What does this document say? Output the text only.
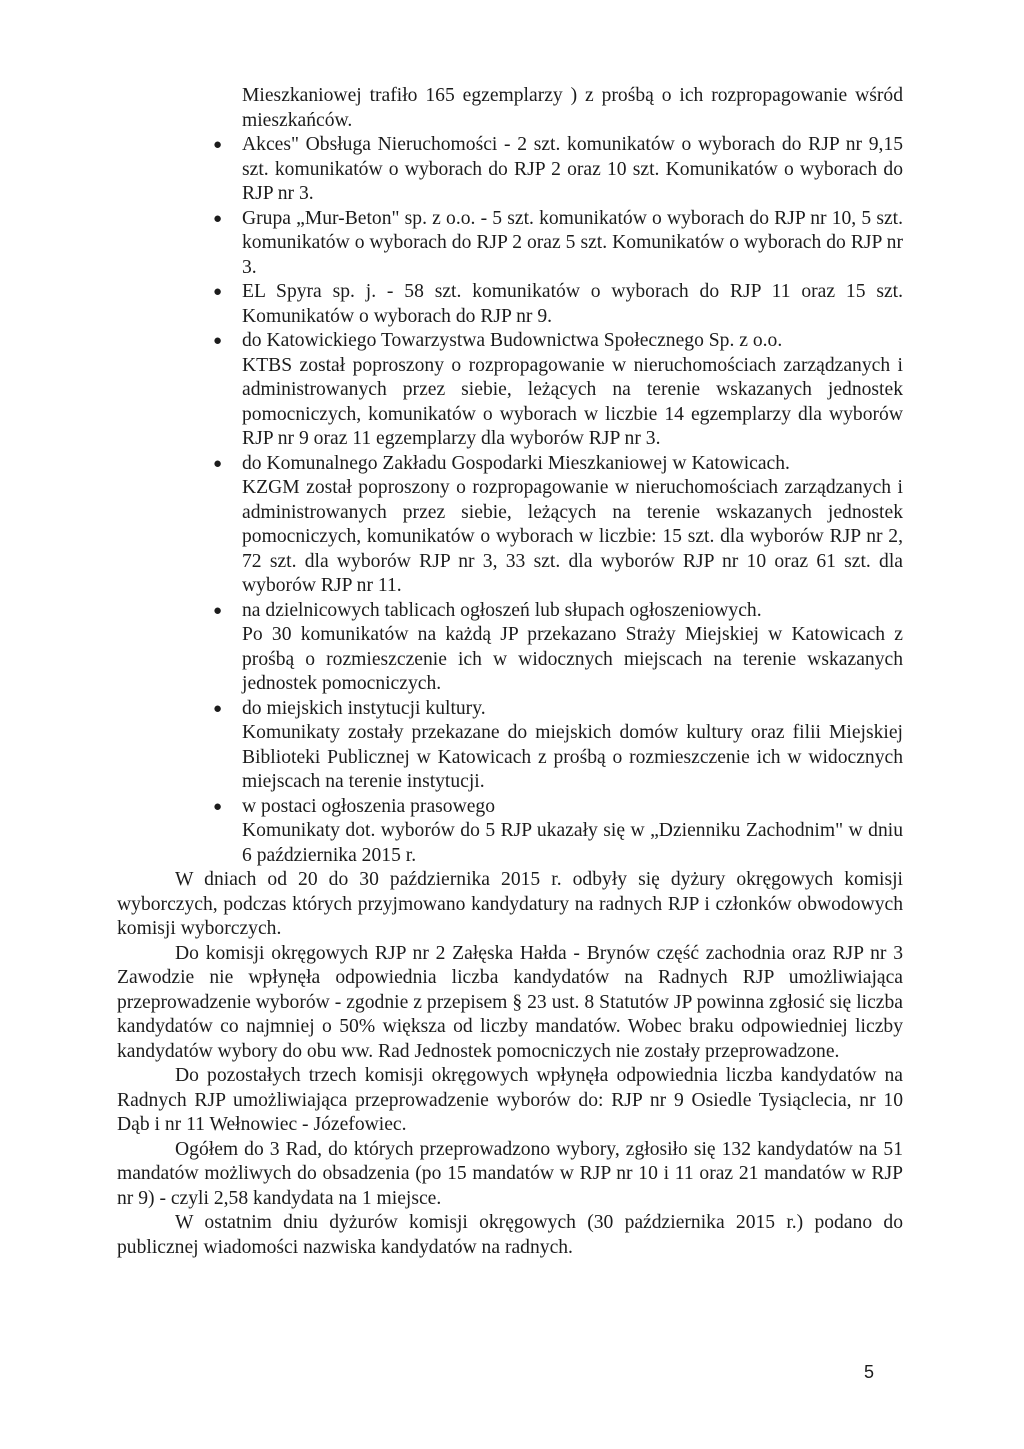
Mieszkaniowej trafiło 165 egzemplarzy ) z prośbą o ich rozpropagowanie wśród mieszkańców.

● Akces" Obsługa Nieruchomości - 2 szt. komunikatów o wyborach do RJP nr 9,15 szt. komunikatów o wyborach do RJP 2 oraz 10 szt. Komunikatów o wyborach do RJP nr 3.
● Grupa „Mur-Beton" sp. z o.o. - 5 szt. komunikatów o wyborach do RJP nr 10, 5 szt. komunikatów o wyborach do RJP 2 oraz 5 szt. Komunikatów o wyborach do RJP nr 3.
● EL Spyra sp. j. - 58 szt. komunikatów o wyborach do RJP 11 oraz 15 szt. Komunikatów o wyborach do RJP nr 9.
● do Katowickiego Towarzystwa Budownictwa Społecznego Sp. z o.o.
KTBS został poproszony o rozpropagowanie w nieruchomościach zarządzanych i administrowanych przez siebie, leżących na terenie wskazanych jednostek pomocniczych, komunikatów o wyborach w liczbie 14 egzemplarzy dla wyborów RJP nr 9 oraz 11 egzemplarzy dla wyborów RJP nr 3.
● do Komunalnego Zakładu Gospodarki Mieszkaniowej w Katowicach.
KZGM został poproszony o rozpropagowanie w nieruchomościach zarządzanych i administrowanych przez siebie, leżących na terenie wskazanych jednostek pomocniczych, komunikatów o wyborach w liczbie: 15 szt. dla wyborów RJP nr 2, 72 szt. dla wyborów RJP nr 3, 33 szt. dla wyborów RJP nr 10 oraz 61 szt. dla wyborów RJP nr 11.
● na dzielnicowych tablicach ogłoszeń lub słupach ogłoszeniowych.
Po 30 komunikatów na każdą JP przekazano Straży Miejskiej w Katowicach z prośbą o rozmieszczenie ich w widocznych miejscach na terenie wskazanych jednostek pomocniczych.
● do miejskich instytucji kultury.
Komunikaty zostały przekazane do miejskich domów kultury oraz filii Miejskiej Biblioteki Publicznej w Katowicach z prośbą o rozmieszczenie ich w widocznych miejscach na terenie instytucji.
● w postaci ogłoszenia prasowego
Komunikaty dot. wyborów do 5 RJP ukazały się w „Dzienniku Zachodnim" w dniu 6 października 2015 r.

W dniach od 20 do 30 października 2015 r. odbyły się dyżury okręgowych komisji wyborczych, podczas których przyjmowano kandydatury na radnych RJP i członków obwodowych komisji wyborczych.

Do komisji okręgowych RJP nr 2 Załęska Hałda - Brynów część zachodnia oraz RJP nr 3 Zawodzie nie wpłynęła odpowiednia liczba kandydatów na Radnych RJP umożliwiająca przeprowadzenie wyborów - zgodnie z przepisem § 23 ust. 8 Statutów JP powinna zgłosić się liczba kandydatów co najmniej o 50% większa od liczby mandatów. Wobec braku odpowiedniej liczby kandydatów wybory do obu ww. Rad Jednostek pomocniczych nie zostały przeprowadzone.

Do pozostałych trzech komisji okręgowych wpłynęła odpowiednia liczba kandydatów na Radnych RJP umożliwiająca przeprowadzenie wyborów do: RJP nr 9 Osiedle Tysiąclecia, nr 10 Dąb i nr 11 Wełnowiec - Józefowiec.

Ogółem do 3 Rad, do których przeprowadzono wybory, zgłosiło się 132 kandydatów na 51 mandatów możliwych do obsadzenia (po 15 mandatów w RJP nr 10 i 11 oraz 21 mandatów w RJP nr 9) - czyli 2,58 kandydata na 1 miejsce.

W ostatnim dniu dyżurów komisji okręgowych (30 października 2015 r.) podano do publicznej wiadomości nazwiska kandydatów na radnych.

5
